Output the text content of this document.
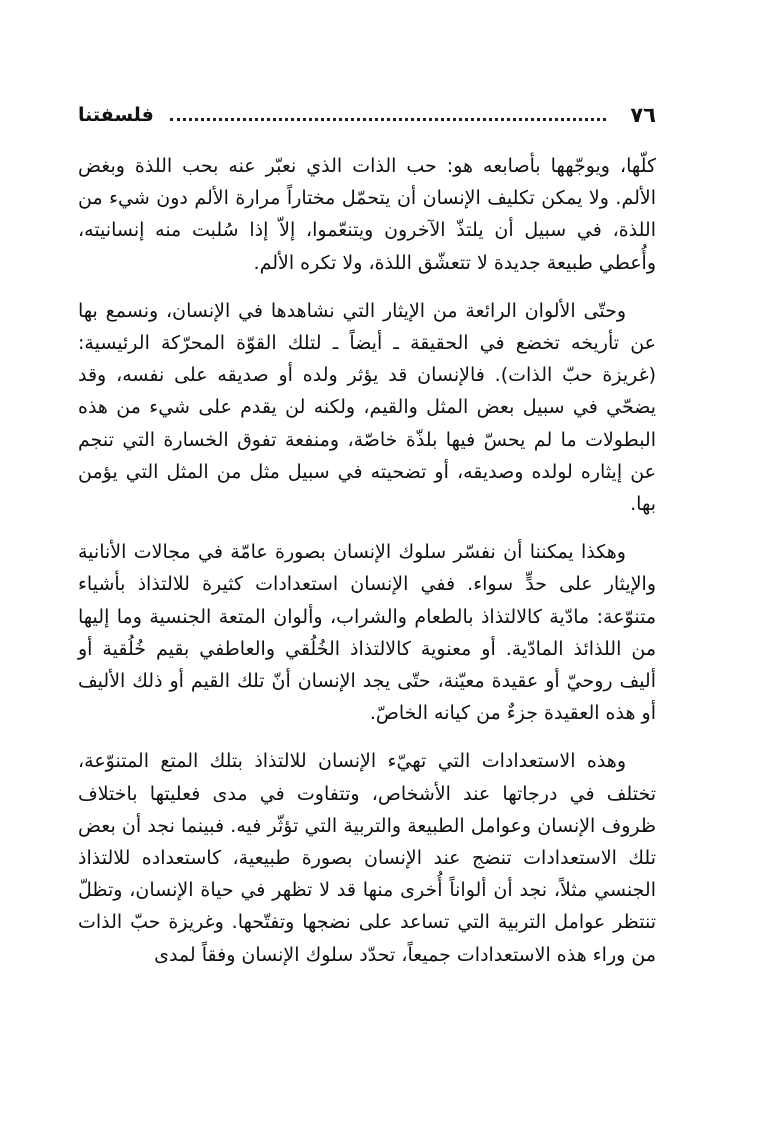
٧٦
فلسفتنا

كلّها، ويوجّهها بأصابعه هو: حب الذات الذي نعبّر عنه بحب اللذة وبغض الألم. ولا يمكن تكليف الإنسان أن يتحمّل مختاراً مرارة الألم دون شيء من اللذة، في سبيل أن يلتذّ الآخرون ويتنعّموا، إلاّ إذا سُلبت منه إنسانيته، وأُعطي طبيعة جديدة لا تتعشّق اللذة، ولا تكره الألم.

وحتّى الألوان الرائعة من الإيثار التي نشاهدها في الإنسان، ونسمع بها عن تأريخه تخضع في الحقيقة ـ أيضاً ـ لتلك القوّة المحرّكة الرئيسية: (غريزة حبّ الذات). فالإنسان قد يؤثر ولده أو صديقه على نفسه، وقد يضحّي في سبيل بعض المثل والقيم، ولكنه لن يقدم على شيء من هذه البطولات ما لم يحسّ فيها بلذّة خاصّة، ومنفعة تفوق الخسارة التي تنجم عن إيثاره لولده وصديقه، أو تضحيته في سبيل مثل من المثل التي يؤمن بها.

وهكذا يمكننا أن نفسّر سلوك الإنسان بصورة عامّة في مجالات الأنانية والإيثار على حدٍّ سواء. ففي الإنسان استعدادات كثيرة للالتذاذ بأشياء متنوّعة: مادّية كالالتذاذ بالطعام والشراب، وألوان المتعة الجنسية وما إليها من اللذائذ المادّية. أو معنوية كالالتذاذ الخُلُقي والعاطفي بقيم خُلُقية أو أليف روحيّ أو عقيدة معيّنة، حتّى يجد الإنسان أنّ تلك القيم أو ذلك الأليف أو هذه العقيدة جزءٌ من كيانه الخاصّ.

وهذه الاستعدادات التي تهيّء الإنسان للالتذاذ بتلك المتع المتنوّعة، تختلف في درجاتها عند الأشخاص، وتتفاوت في مدى فعليتها باختلاف ظروف الإنسان وعوامل الطبيعة والتربية التي تؤثّر فيه. فبينما نجد أن بعض تلك الاستعدادات تنضج عند الإنسان بصورة طبيعية، كاستعداده للالتذاذ الجنسي مثلاً، نجد أن ألواناً أُخرى منها قد لا تظهر في حياة الإنسان، وتظلّ تنتظر عوامل التربية التي تساعد على نضجها وتفتّحها. وغريزة حبّ الذات من وراء هذه الاستعدادات جميعاً، تحدّد سلوك الإنسان وفقاً لمدى
